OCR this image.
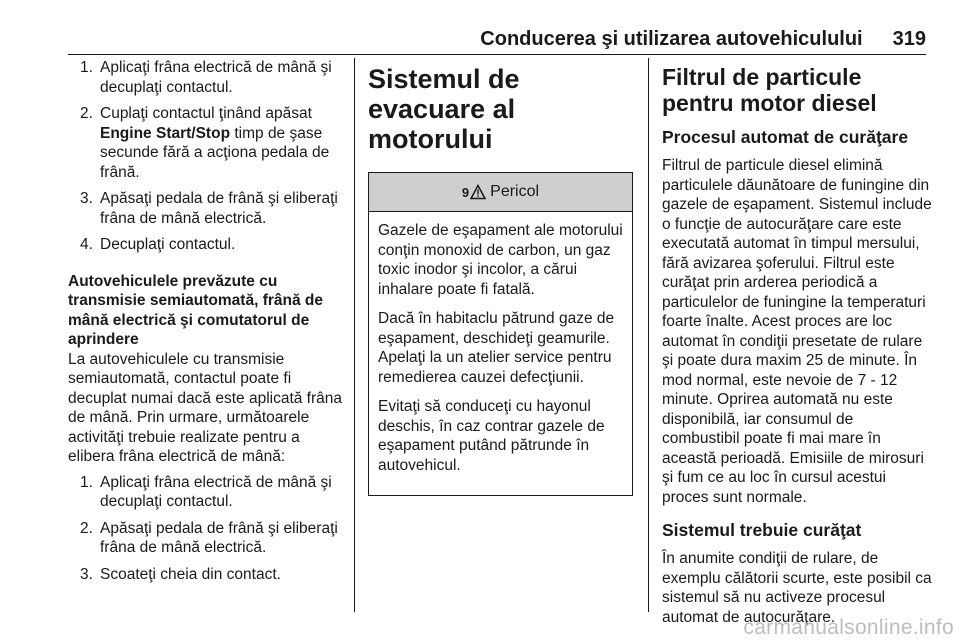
Conducerea şi utilizarea autovehiculului 319
1. Aplicaţi frâna electrică de mână şi decuplaţi contactul.
2. Cuplaţi contactul ţinând apăsat
Engine Start/Stop timp de şase secunde fără a acţiona pedala de frână.
3. Apăsaţi pedala de frână şi eliberaţi frâna de mână electrică.
4. Decuplaţi contactul.

Autovehiculele prevăzute cu transmisie semiautomată, frână de mână electrică şi comutatorul de aprindere

La autovehiculele cu transmisie semiautomată, contactul poate fi decuplat numai dacă este aplicată frâna de mână. Prin urmare, următoarele activităţi trebuie realizate pentru a elibera frâna electrică de mână:

1. Aplicaţi frâna electrică de mână şi decuplaţi contactul.
2. Apăsaţi pedala de frână şi eliberaţi frâna de mână electrică.
3. Scoateţi cheia din contact.
Sistemul de evacuare al motorului
9 Pericol

Gazele de eşapament ale motorului conţin monoxid de carbon, un gaz toxic inodor şi incolor, a cărui inhalare poate fi fatală.

Dacă în habitaclu pătrund gaze de eşapament, deschideţi geamurile. Apelaţi la un atelier service pentru remedierea cauzei defecţiunii.

Evitaţi să conduceţi cu hayonul deschis, în caz contrar gazele de eşapament putând pătrunde în autovehicul.

Filtrul de particule pentru motor diesel
Procesul automat de curăţare

Filtrul de particule diesel elimină particulele dăunătoare de funingine din gazele de eşapament. Sistemul include o funcţie de autocurăţare care este executată automat în timpul mersului, fără avizarea şoferului. Filtrul este curăţat prin arderea periodică a particulelor de funingine la temperaturi foarte înalte. Acest proces are loc automat în condiţii presetate de rulare şi poate dura maxim 25 de minute. În mod normal, este nevoie de 7 - 12 minute. Oprirea automată nu este disponibilă, iar consumul de combustibil poate fi mai mare în această perioadă. Emisiile de mirosuri şi fum ce au loc în cursul acestui proces sunt normale.

Sistemul trebuie curăţat

În anumite condiţii de rulare, de exemplu călătorii scurte, este posibil ca sistemul să nu activeze procesul automat de autocurăţare.

carmanualsonline.info
